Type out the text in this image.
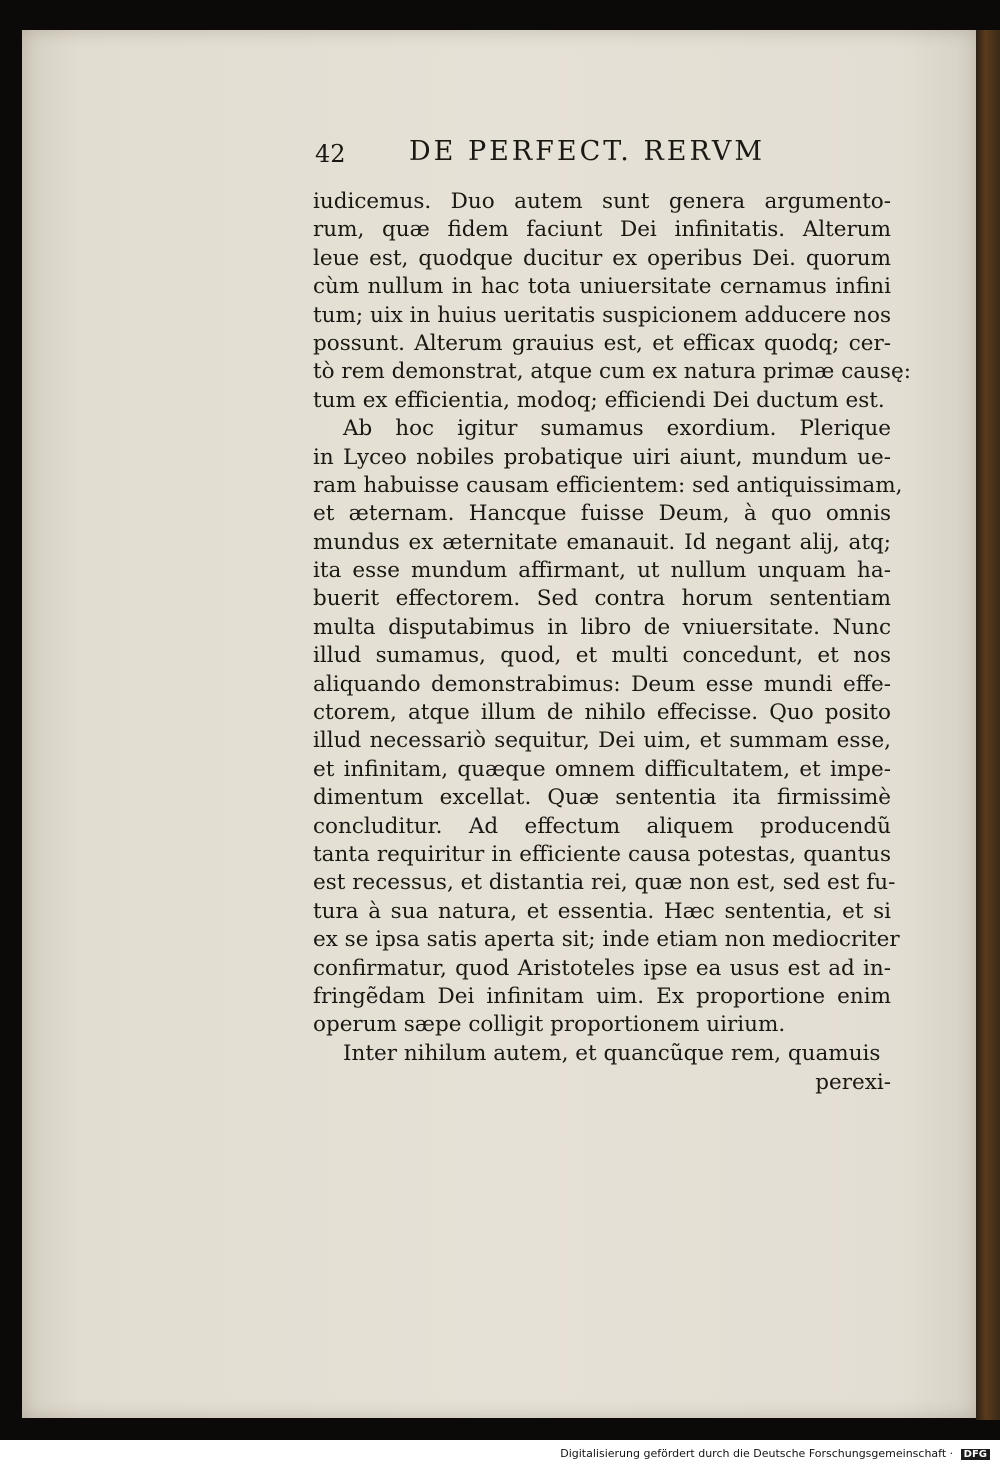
42 DE PERFECT. RERVM
iudicemus. Duo autem sunt genera argumento-
rum, quæ fidem faciunt Dei infinitatis. Alterum
leue est, quodque ducitur ex operibus Dei. quorum
cùm nullum in hac tota uniuersitate cernamus infini
tum; uix in huius ueritatis suspicionem adducere nos
possunt. Alterum grauius est, et efficax quodq; cer-
tò rem demonstrat, atque cum ex natura primæ causę:
tum ex efficientia, modoq; efficiendi Dei ductum est.
Ab hoc igitur sumamus exordium. Plerique
in Lyceo nobiles probatique uiri aiunt, mundum ue-
ram habuisse causam efficientem: sed antiquissimam,
et æternam. Hancque fuisse Deum, à quo omnis
mundus ex æternitate emanauit. Id negant alij, atq;
ita esse mundum affirmant, ut nullum unquam ha-
buerit effectorem. Sed contra horum sententiam
multa disputabimus in libro de vniuersitate. Nunc
illud sumamus, quod, et multi concedunt, et nos
aliquando demonstrabimus: Deum esse mundi effe-
ctorem, atque illum de nihilo effecisse. Quo posito
illud necessariò sequitur, Dei uim, et summam esse,
et infinitam, quæque omnem difficultatem, et impe-
dimentum excellat. Quæ sententia ita firmissimè
concluditur. Ad effectum aliquem producendũ
tanta requiritur in efficiente causa potestas, quantus
est recessus, et distantia rei, quæ non est, sed est fu-
tura à sua natura, et essentia. Hæc sententia, et si
ex se ipsa satis aperta sit; inde etiam non mediocriter
confirmatur, quod Aristoteles ipse ea usus est ad in-
fringẽdam Dei infinitam uim. Ex proportione enim
operum sæpe colligit proportionem uirium.
Inter nihilum autem, et quancũque rem, quamuis
perexi-
Digitalisierung gefördert durch die Deutsche Forschungsgemeinschaft · DFG
